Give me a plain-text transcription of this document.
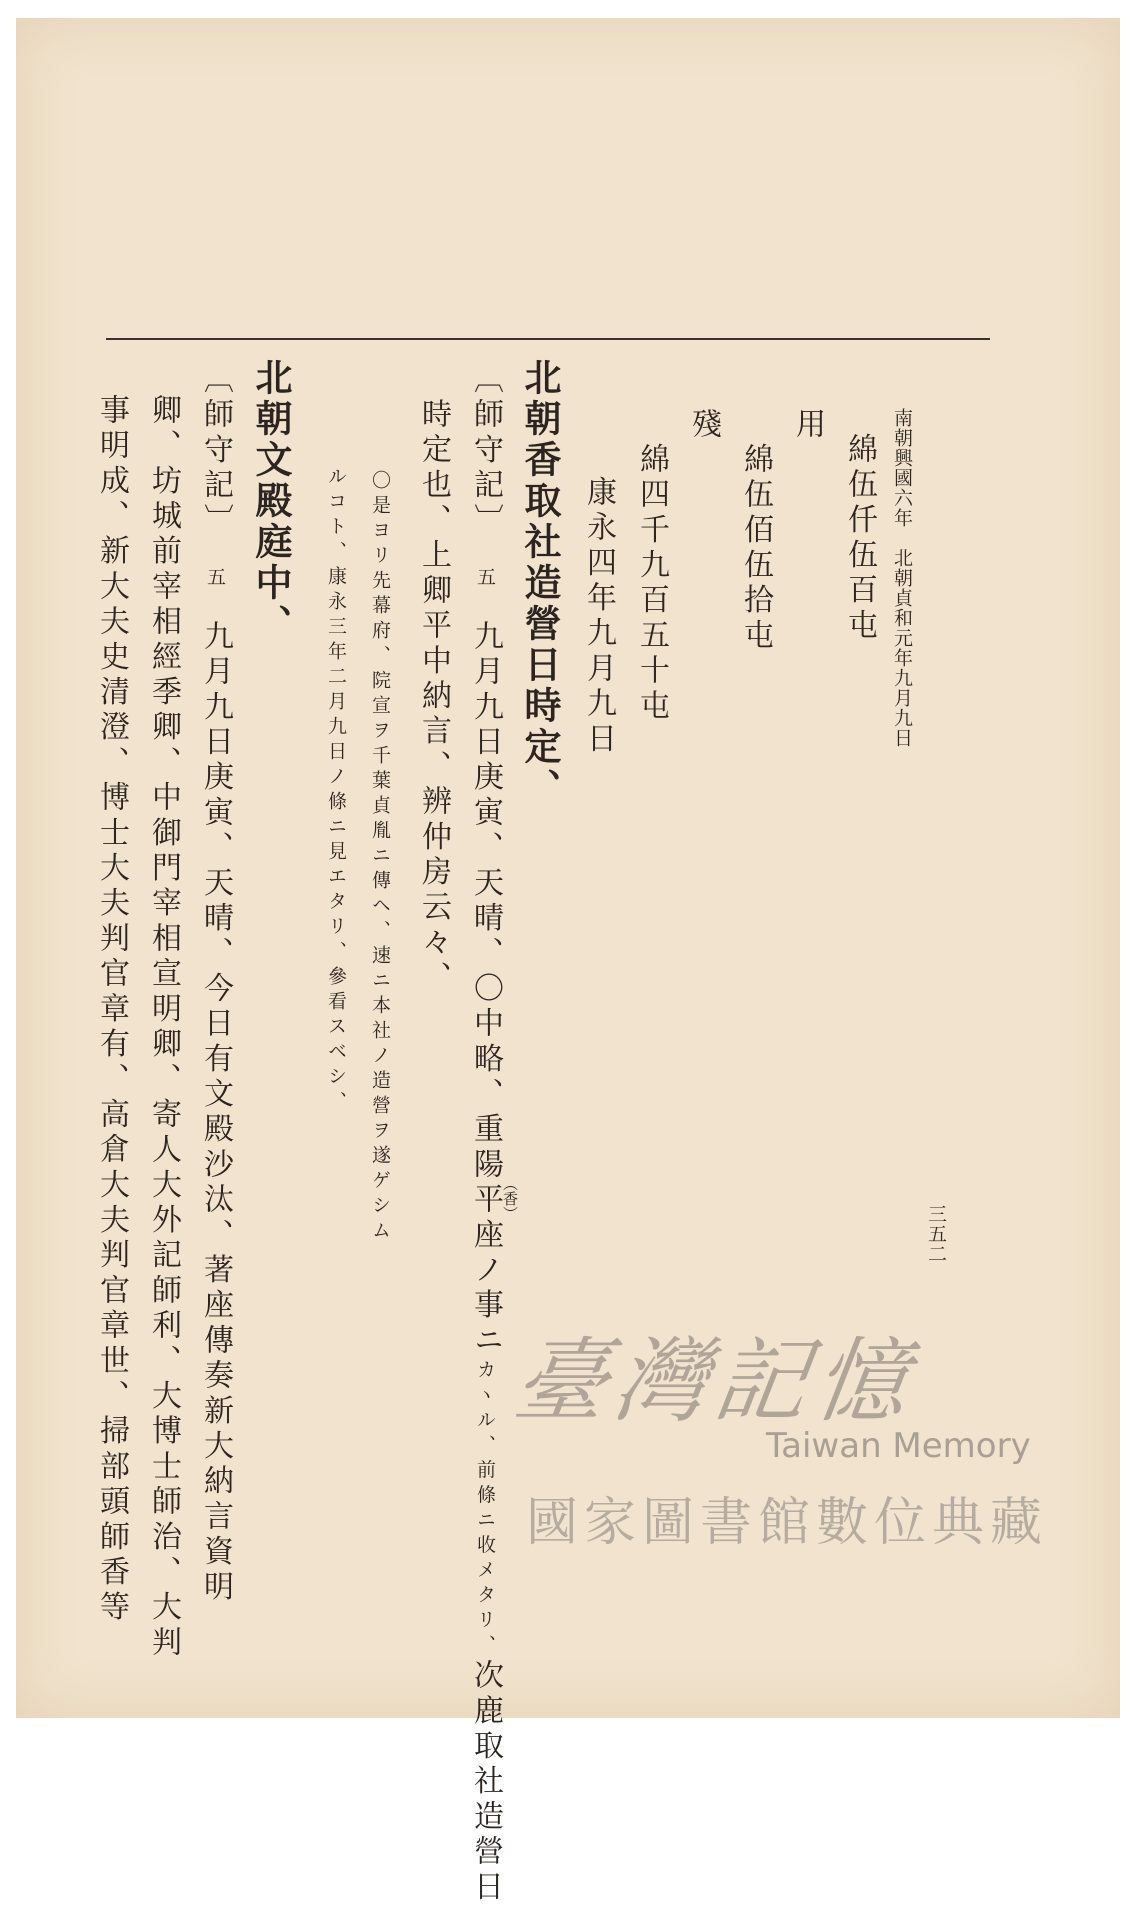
南朝興國六年　北朝貞和元年九月九日
三五二
綿伍仟伍百屯
用
綿伍佰伍拾屯
殘
綿四千九百五十屯
康永四年九月九日
北朝香取社造營日時定、
〔師守記〕五九月九日庚寅、天晴、〇中略、重陽平座ノ事ニカヽル、前條ニ收メタリ、次鹿取社造營日
（香）
時定也、上卿平中納言、辨仲房云々、
〇是ヨリ先幕府、院宣ヲ千葉貞胤ニ傳ヘ、速ニ本社ノ造營ヲ遂ゲシム
ルコト、康永三年二月九日ノ條ニ見エタリ、參看スベシ、
北朝文殿庭中、
〔師守記〕五九月九日庚寅、天晴、今日有文殿沙汰、著座傳奏新大納言資明
卿、坊城前宰相經季卿、中御門宰相宣明卿、寄人大外記師利、大博士師治、大判
事明成、新大夫史清澄、博士大夫判官章有、高倉大夫判官章世、掃部頭師香等	臺灣記憶
Taiwan Memory
國家圖書館數位典藏
